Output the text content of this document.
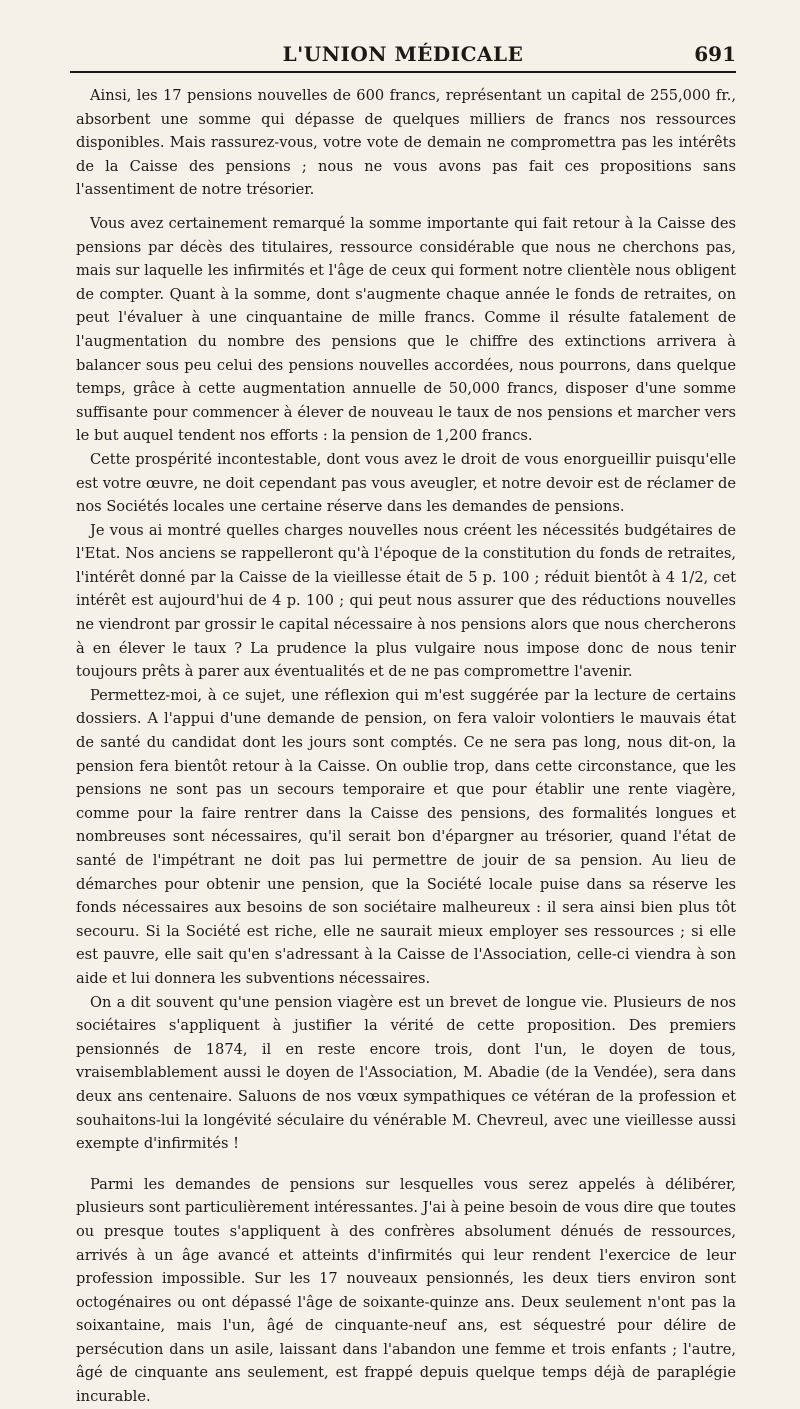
L'UNION MÉDICALE	691

Ainsi, les 17 pensions nouvelles de 600 francs, représentant un capital de 255,000 fr., absorbent une somme qui dépasse de quelques milliers de francs nos ressources disponibles. Mais rassurez-vous, votre vote de demain ne compromettra pas les intérêts de la Caisse des pensions ; nous ne vous avons pas fait ces propositions sans l'assentiment de notre trésorier.

Vous avez certainement remarqué la somme importante qui fait retour à la Caisse des pensions par décès des titulaires, ressource considérable que nous ne cherchons pas, mais sur laquelle les infirmités et l'âge de ceux qui forment notre clientèle nous obligent de compter. Quant à la somme, dont s'augmente chaque année le fonds de retraites, on peut l'évaluer à une cinquantaine de mille francs. Comme il résulte fatalement de l'augmentation du nombre des pensions que le chiffre des extinctions arrivera à balancer sous peu celui des pensions nouvelles accordées, nous pourrons, dans quelque temps, grâce à cette augmentation annuelle de 50,000 francs, disposer d'une somme suffisante pour commencer à élever de nouveau le taux de nos pensions et marcher vers le but auquel tendent nos efforts : la pension de 1,200 francs.

Cette prospérité incontestable, dont vous avez le droit de vous enorgueillir puisqu'elle est votre œuvre, ne doit cependant pas vous aveugler, et notre devoir est de réclamer de nos Sociétés locales une certaine réserve dans les demandes de pensions.

Je vous ai montré quelles charges nouvelles nous créent les nécessités budgétaires de l'Etat. Nos anciens se rappelleront qu'à l'époque de la constitution du fonds de retraites, l'intérêt donné par la Caisse de la vieillesse était de 5 p. 100 ; réduit bientôt à 4 1/2, cet intérêt est aujourd'hui de 4 p. 100 ; qui peut nous assurer que des réductions nouvelles ne viendront par grossir le capital nécessaire à nos pensions alors que nous chercherons à en élever le taux ? La prudence la plus vulgaire nous impose donc de nous tenir toujours prêts à parer aux éventualités et de ne pas compromettre l'avenir.

Permettez-moi, à ce sujet, une réflexion qui m'est suggérée par la lecture de certains dossiers. A l'appui d'une demande de pension, on fera valoir volontiers le mauvais état de santé du candidat dont les jours sont comptés. Ce ne sera pas long, nous dit-on, la pension fera bientôt retour à la Caisse. On oublie trop, dans cette circonstance, que les pensions ne sont pas un secours temporaire et que pour établir une rente viagère, comme pour la faire rentrer dans la Caisse des pensions, des formalités longues et nombreuses sont nécessaires, qu'il serait bon d'épargner au trésorier, quand l'état de santé de l'impétrant ne doit pas lui permettre de jouir de sa pension. Au lieu de démarches pour obtenir une pension, que la Société locale puise dans sa réserve les fonds nécessaires aux besoins de son sociétaire malheureux : il sera ainsi bien plus tôt secouru. Si la Société est riche, elle ne saurait mieux employer ses ressources ; si elle est pauvre, elle sait qu'en s'adressant à la Caisse de l'Association, celle-ci viendra à son aide et lui donnera les subventions nécessaires.

On a dit souvent qu'une pension viagère est un brevet de longue vie. Plusieurs de nos sociétaires s'appliquent à justifier la vérité de cette proposition. Des premiers pensionnés de 1874, il en reste encore trois, dont l'un, le doyen de tous, vraisemblablement aussi le doyen de l'Association, M. Abadie (de la Vendée), sera dans deux ans centenaire. Saluons de nos vœux sympathiques ce vétéran de la profession et souhaitons-lui la longévité séculaire du vénérable M. Chevreul, avec une vieillesse aussi exempte d'infirmités !

Parmi les demandes de pensions sur lesquelles vous serez appelés à délibérer, plusieurs sont particulièrement intéressantes. J'ai à peine besoin de vous dire que toutes ou presque toutes s'appliquent à des confrères absolument dénués de ressources, arrivés à un âge avancé et atteints d'infirmités qui leur rendent l'exercice de leur profession impossible. Sur les 17 nouveaux pensionnés, les deux tiers environ sont octogénaires ou ont dépassé l'âge de soixante-quinze ans. Deux seulement n'ont pas la soixantaine, mais l'un, âgé de cinquante-neuf ans, est séquestré pour délire de persécution dans un asile, laissant dans l'abandon une femme et trois enfants ; l'autre, âgé de cinquante ans seulement, est frappé depuis quelque temps déjà de paraplégie incurable.
